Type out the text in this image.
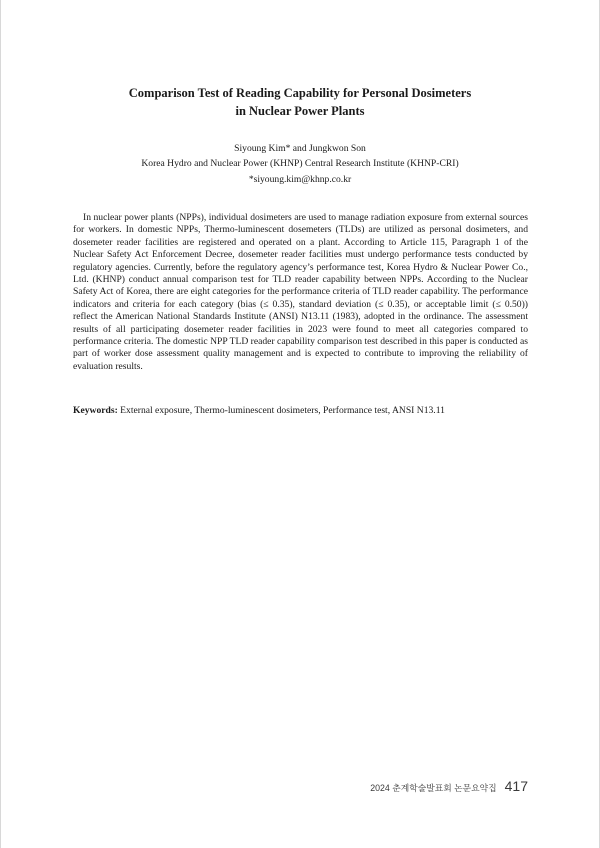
Comparison Test of Reading Capability for Personal Dosimeters
in Nuclear Power Plants
Siyoung Kim* and Jungkwon Son
Korea Hydro and Nuclear Power (KHNP) Central Research Institute (KHNP-CRI)
*siyoung.kim@khnp.co.kr

In nuclear power plants (NPPs), individual dosimeters are used to manage radiation exposure from external sources for workers. In domestic NPPs, Thermo-luminescent dosemeters (TLDs) are utilized as personal dosimeters, and dosemeter reader facilities are registered and operated on a plant. According to Article 115, Paragraph 1 of the Nuclear Safety Act Enforcement Decree, dosemeter reader facilities must undergo performance tests conducted by regulatory agencies. Currently, before the regulatory agency’s performance test, Korea Hydro & Nuclear Power Co., Ltd. (KHNP) conduct annual comparison test for TLD reader capability between NPPs. According to the Nuclear Safety Act of Korea, there are eight categories for the performance criteria of TLD reader capability. The performance indicators and criteria for each category (bias (≤ 0.35), standard deviation (≤ 0.35), or acceptable limit (≤ 0.50)) reflect the American National Standards Institute (ANSI) N13.11 (1983), adopted in the ordinance. The assessment results of all participating dosemeter reader facilities in 2023 were found to meet all categories compared to performance criteria. The domestic NPP TLD reader capability comparison test described in this paper is conducted as part of worker dose assessment quality management and is expected to contribute to improving the reliability of evaluation results.

Keywords: External exposure, Thermo-luminescent dosimeters, Performance test, ANSI N13.11

2024 춘계학술발표회 논문요약집 417
